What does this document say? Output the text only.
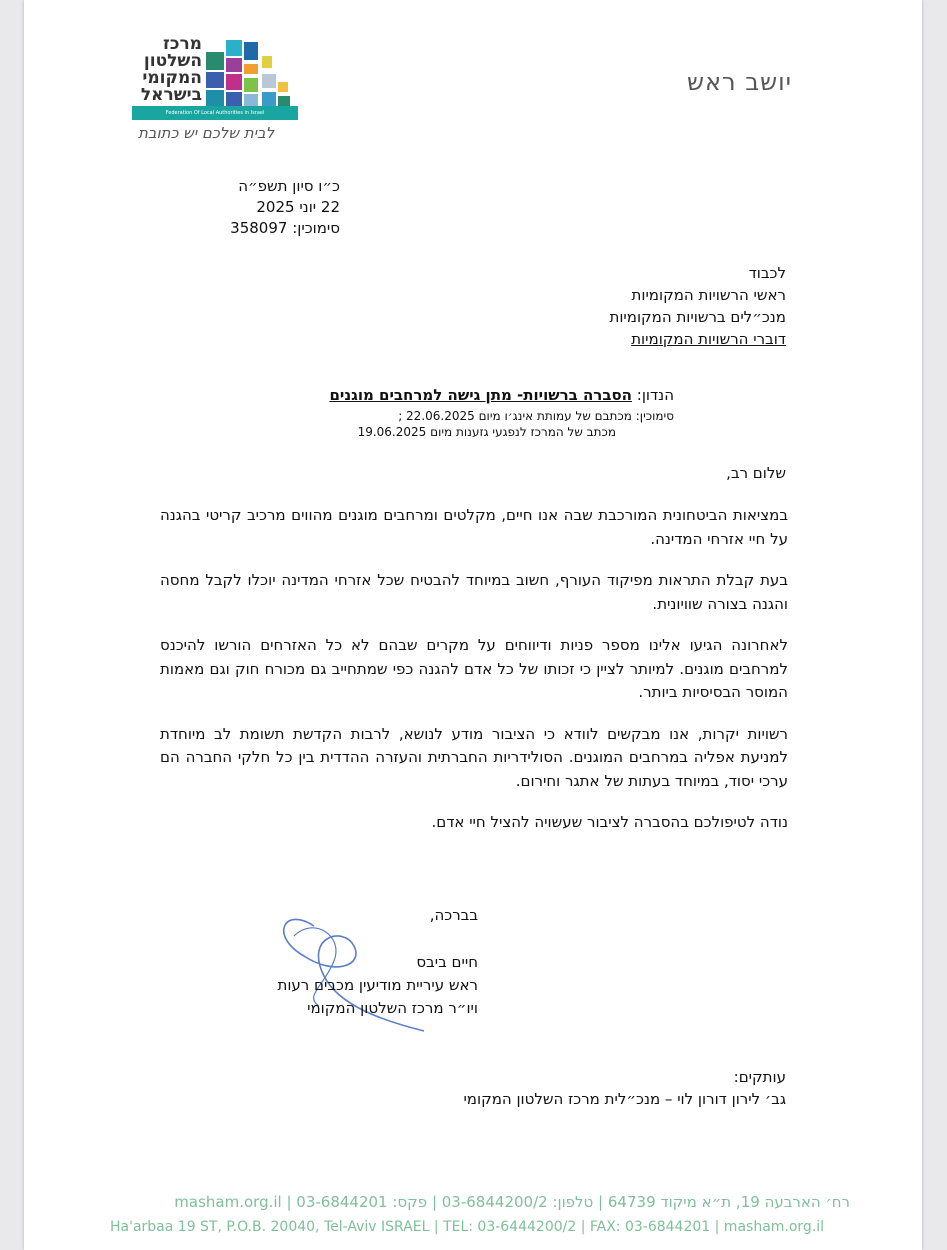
יושב ראש
מרכז
השלטון
המקומי
בישראל
Federation Of Local Authorities in Israel
לבית שלכם יש כתובת
כ״ו סיון תשפ״ה
22 יוני 2025
סימוכין: 358097
לכבוד
ראשי הרשויות המקומיות
מנכ״לים ברשויות המקומיות
דוברי הרשויות המקומיות
הנדון: הסברה ברשויות- מתן גישה למרחבים מוגנים
סימוכין: מכתבם של עמותת אינג׳ו מיום 22.06.2025 ;
מכתב של המרכז לנפגעי גזענות מיום 19.06.2025
שלום רב,

במציאות הביטחונית המורכבת שבה אנו חיים, מקלטים ומרחבים מוגנים מהווים מרכיב קריטי בהגנה על חיי אזרחי המדינה.

בעת קבלת התראות מפיקוד העורף, חשוב במיוחד להבטיח שכל אזרחי המדינה יוכלו לקבל מחסה והגנה בצורה שוויונית.

לאחרונה הגיעו אלינו מספר פניות ודיווחים על מקרים שבהם לא כל האזרחים הורשו להיכנס למרחבים מוגנים. למיותר לציין כי זכותו של כל אדם להגנה כפי שמתחייב גם מכורח חוק וגם מאמות המוסר הבסיסיות ביותר.

רשויות יקרות, אנו מבקשים לוודא כי הציבור מודע לנושא, לרבות הקדשת תשומת לב מיוחדת למניעת אפליה במרחבים המוגנים. הסולידריות החברתית והעזרה ההדדית בין כל חלקי החברה הם ערכי יסוד, במיוחד בעתות של אתגר וחירום.

נודה לטיפולכם בהסברה לציבור שעשויה להציל חיי אדם.

בברכה,
חיים ביבס
ראש עיריית מודיעין מכבים רעות
ויו״ר מרכז השלטון המקומי
עותקים:
גב׳ לירון דורון לוי – מנכ״לית מרכז השלטון המקומי
רח׳ הארבעה 19, ת״א מיקוד 64739 | טלפון: 03-6844200/2 | פקס: 03-6844201 | masham.org.il
Ha'arbaa 19 ST, P.O.B. 20040, Tel-Aviv ISRAEL | TEL: 03-6444200/2 | FAX: 03-6844201 | masham.org.il
